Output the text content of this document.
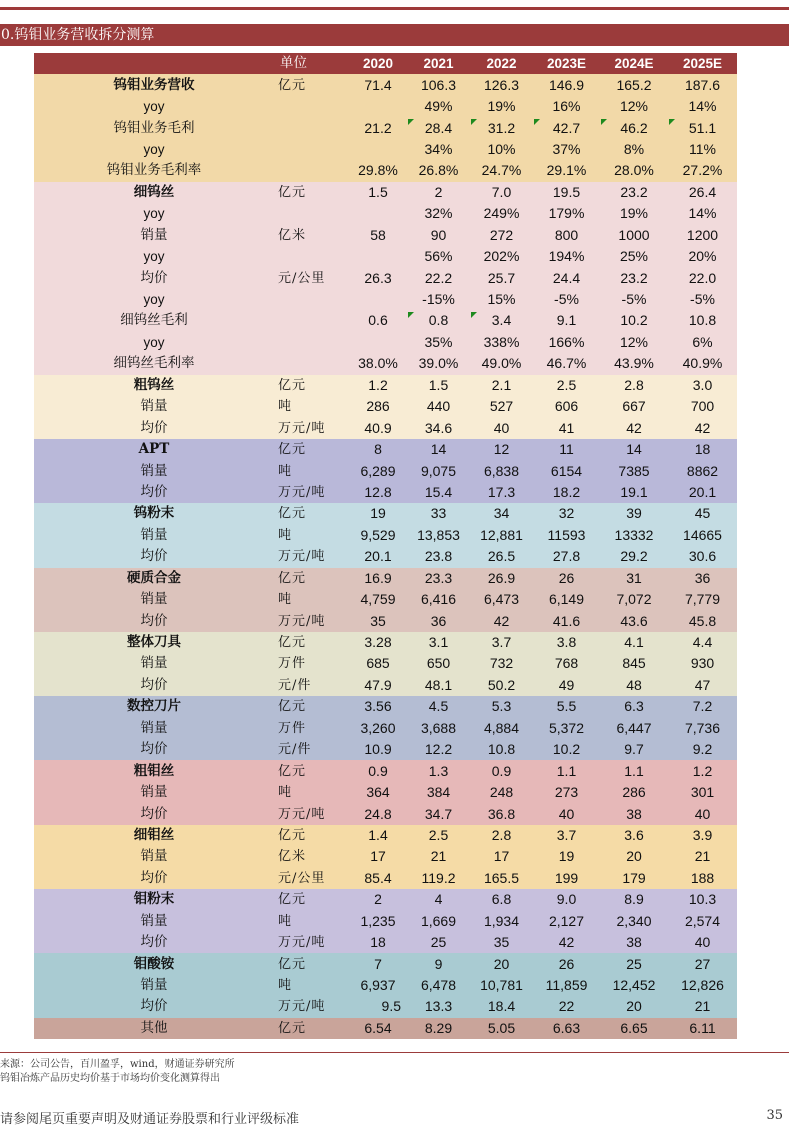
0.钨钼业务营收拆分测算
	单位	2020	2021	2022	2023E	2024E	2025E
钨钼业务营收	亿元	71.4	106.3	126.3	146.9	165.2	187.6
yoy			49%	19%	16%	12%	14%
钨钼业务毛利		21.2	28.4	31.2	42.7	46.2	51.1
yoy			34%	10%	37%	8%	11%
钨钼业务毛利率		29.8%	26.8%	24.7%	29.1%	28.0%	27.2%
细钨丝	亿元	1.5	2	7.0	19.5	23.2	26.4
yoy			32%	249%	179%	19%	14%
销量	亿米	58	90	272	800	1000	1200
yoy			56%	202%	194%	25%	20%
均价	元/公里	26.3	22.2	25.7	24.4	23.2	22.0
yoy			-15%	15%	-5%	-5%	-5%
细钨丝毛利		0.6	0.8	3.4	9.1	10.2	10.8
yoy			35%	338%	166%	12%	6%
细钨丝毛利率		38.0%	39.0%	49.0%	46.7%	43.9%	40.9%
粗钨丝	亿元	1.2	1.5	2.1	2.5	2.8	3.0
销量	吨	286	440	527	606	667	700
均价	万元/吨	40.9	34.6	40	41	42	42
APT	亿元	8	14	12	11	14	18
销量	吨	6,289	9,075	6,838	6154	7385	8862
均价	万元/吨	12.8	15.4	17.3	18.2	19.1	20.1
钨粉末	亿元	19	33	34	32	39	45
销量	吨	9,529	13,853	12,881	11593	13332	14665
均价	万元/吨	20.1	23.8	26.5	27.8	29.2	30.6
硬质合金	亿元	16.9	23.3	26.9	26	31	36
销量	吨	4,759	6,416	6,473	6,149	7,072	7,779
均价	万元/吨	35	36	42	41.6	43.6	45.8
整体刀具	亿元	3.28	3.1	3.7	3.8	4.1	4.4
销量	万件	685	650	732	768	845	930
均价	元/件	47.9	48.1	50.2	49	48	47
数控刀片	亿元	3.56	4.5	5.3	5.5	6.3	7.2
销量	万件	3,260	3,688	4,884	5,372	6,447	7,736
均价	元/件	10.9	12.2	10.8	10.2	9.7	9.2
粗钼丝	亿元	0.9	1.3	0.9	1.1	1.1	1.2
销量	吨	364	384	248	273	286	301
均价	万元/吨	24.8	34.7	36.8	40	38	40
细钼丝	亿元	1.4	2.5	2.8	3.7	3.6	3.9
销量	亿米	17	21	17	19	20	21
均价	元/公里	85.4	119.2	165.5	199	179	188
钼粉末	亿元	2	4	6.8	9.0	8.9	10.3
销量	吨	1,235	1,669	1,934	2,127	2,340	2,574
均价	万元/吨	18	25	35	42	38	40
钼酸铵	亿元	7	9	20	26	25	27
销量	吨	6,937	6,478	10,781	11,859	12,452	12,826
均价	万元/吨	9.5	13.3	18.4	22	20	21
其他	亿元	6.54	8.29	5.05	6.63	6.65	6.11
来源：公司公告，百川盈孚，wind，财通证券研究所
钨钼冶炼产品历史均价基于市场均价变化测算得出
请参阅尾页重要声明及财通证券股票和行业评级标准	35
